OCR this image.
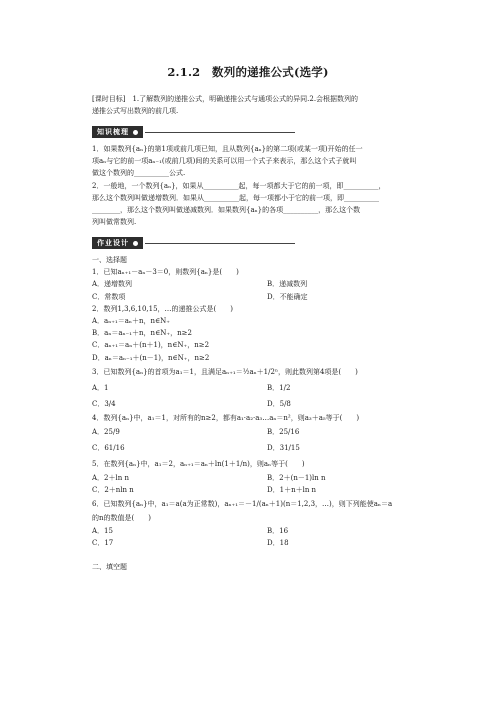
2.1.2　数列的递推公式(选学)

[课时目标]　1.了解数列的递推公式，明确递推公式与通项公式的异同.2.会根据数列的

递推公式写出数列的前几项.

知识梳理

1．如果数列{aₙ}的第1项或前几项已知，且从数列{aₙ}的第二项(或某一项)开始的任一

项aₙ与它的前一项aₙ₋₁(或前几项)间的关系可以用一个式子来表示，那么这个式子就叫

做这个数列的__________公式.

2．一般地，一个数列{aₙ}，如果从__________起，每一项都大于它的前一项，即__________，

那么这个数列叫做递增数列．如果从__________起，每一项都小于它的前一项，即__________

________，那么这个数列叫做递减数列．如果数列{aₙ}的各项__________，那么这个数

列叫做常数列.

作业设计

一、选择题

1．已知aₙ₊₁－aₙ－3＝0，则数列{aₙ}是(　　)

A．递增数列	B．递减数列
C．常数项	D．不能确定

2．数列1,3,6,10,15，…的递推公式是(　　)

A．aₙ₊₁＝aₙ＋n，n∈N₊

B．aₙ＝aₙ₋₁＋n，n∈N₊，n≥2

C．aₙ₊₁＝aₙ＋(n＋1)，n∈N₊，n≥2

D．aₙ＝aₙ₋₁＋(n－1)，n∈N₊，n≥2

3．已知数列{aₙ}的首项为a₁＝1，且满足aₙ₊₁＝½aₙ＋1/2ⁿ，则此数列第4项是(　　)

A．1	B．1/2
C．3/4	D．5/8

4．数列{aₙ}中，a₁＝1，对所有的n≥2，都有a₁·a₂·a₃…aₙ＝n²，则a₃＋a₅等于(　　)

A．25/9	B．25/16
C．61/16	D．31/15

5．在数列{aₙ}中，a₁＝2，aₙ₊₁＝aₙ＋ln(1＋1/n)，则aₙ等于(　　)

A．2＋ln n	B．2＋(n－1)ln n
C．2＋nln n	D．1＋n＋ln n

6．已知数列{aₙ}中，a₁＝a(a为正常数)，aₙ₊₁＝－1/(aₙ＋1)(n＝1,2,3，…)，则下列能使aₙ＝a

的n的数值是(　　)

A．15	B．16
C．17	D．18

二、填空题
